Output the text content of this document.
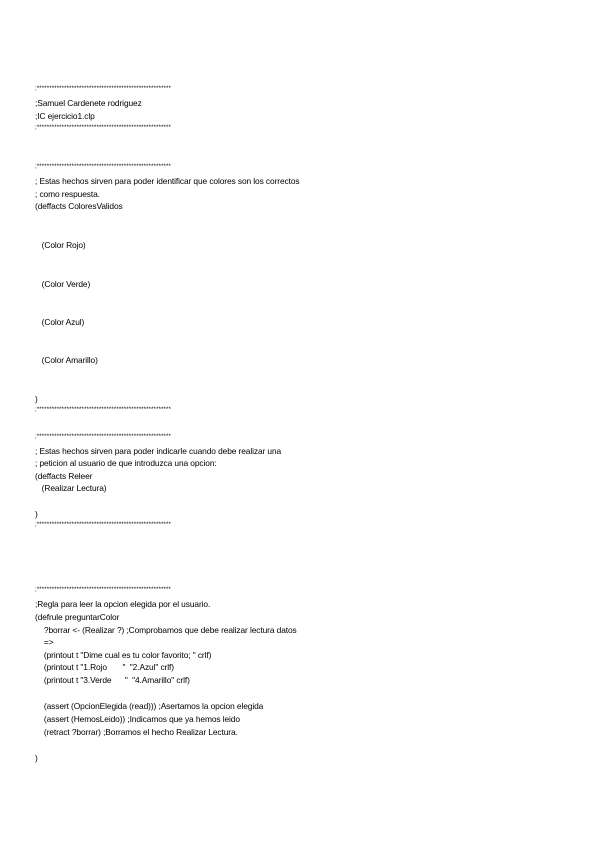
;******************************************************
;Samuel Cardenete rodriguez
;IC ejercicio1.clp
;******************************************************
;******************************************************
; Estas hechos sirven para poder identificar que colores son los correctos
; como respuesta.
(deffacts ColoresValidos
(Color Rojo)
(Color Verde)
(Color Azul)
(Color Amarillo)
)
;******************************************************
;******************************************************
; Estas hechos sirven para poder indicarle cuando debe realizar una
; peticion al usuario de que introduzca una opcion:
(deffacts Releer
(Realizar Lectura)
)
;******************************************************
;******************************************************
;Regla para leer la opcion elegida por el usuario.
(defrule preguntarColor
?borrar <- (Realizar ?) ;Comprobamos que debe realizar lectura datos
=>
(printout t "Dime cual es tu color favorito; " crlf)
(printout t "1.Rojo       "  "2.Azul" crlf)
(printout t "3.Verde      "  "4.Amarillo" crlf)
(assert (OpcionElegida (read))) ;Asertamos la opcion elegida
(assert (HemosLeido)) ;Indicamos que ya hemos leido
(retract ?borrar) ;Borramos el hecho Realizar Lectura.
)
